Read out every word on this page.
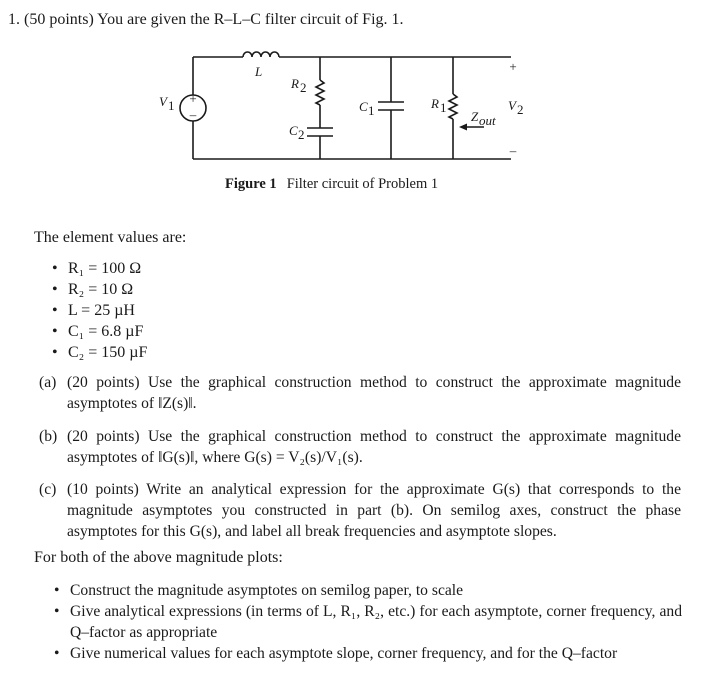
1. (50 points) You are given the R–L–C filter circuit of Fig. 1.
+
–
L
R 2
C 2
C 1	R 1
V 1	V 2
Z out
+
–
Figure 1 Filter circuit of Problem 1
The element values are:
• R₁ = 100 Ω
• R₂ = 10 Ω
• L = 25 µH
• C₁ = 6.8 µF
• C₂ = 150 µF
(a) (20 points) Use the graphical construction method to construct the approximate magnitude asymptotes of ‖Z(s)‖.
(b) (20 points) Use the graphical construction method to construct the approximate magnitude asymptotes of ‖G(s)‖, where G(s) = V₂(s)/V₁(s).
(c) (10 points) Write an analytical expression for the approximate G(s) that corresponds to the magnitude asymptotes you constructed in part (b). On semilog axes, construct the phase asymptotes for this G(s), and label all break frequencies and asymptote slopes.
For both of the above magnitude plots:
• Construct the magnitude asymptotes on semilog paper, to scale
• Give analytical expressions (in terms of L, R₁, R₂, etc.) for each asymptote, corner frequency, and Q–factor as appropriate
• Give numerical values for each asymptote slope, corner frequency, and for the Q–factor
